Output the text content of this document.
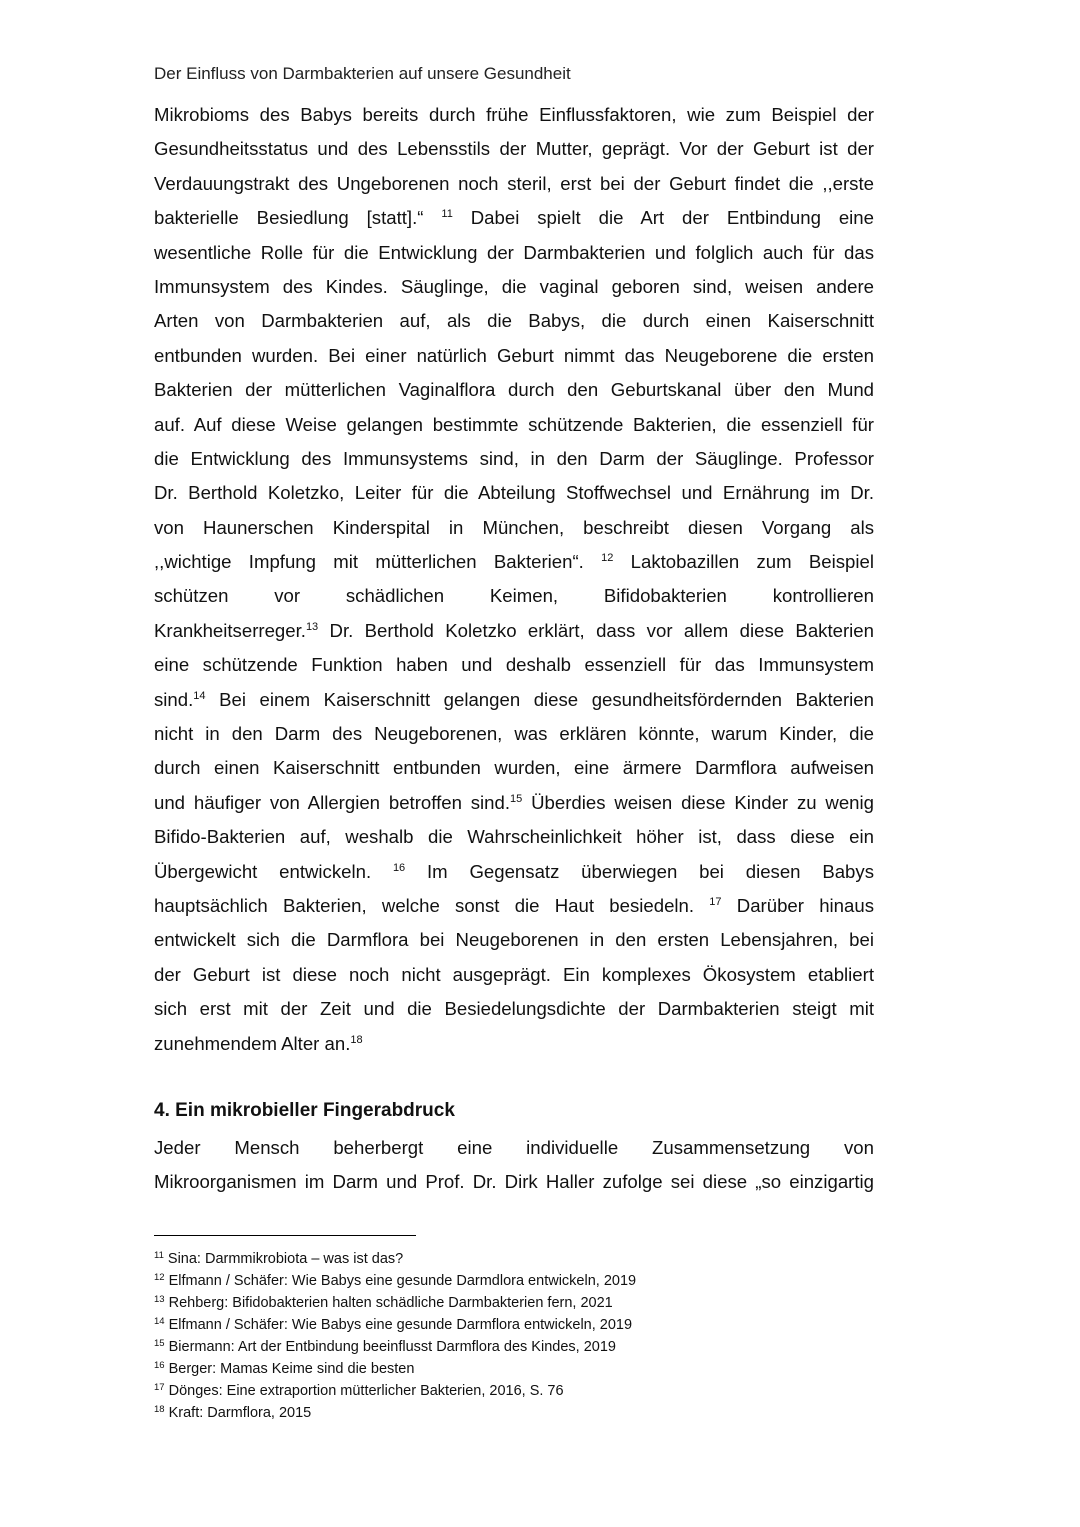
Der Einfluss von Darmbakterien auf unsere Gesundheit
Mikrobioms des Babys bereits durch frühe Einflussfaktoren, wie zum Beispiel der
Gesundheitsstatus und des Lebensstils der Mutter, geprägt. Vor der Geburt ist der
Verdauungstrakt des Ungeborenen noch steril, erst bei der Geburt findet die ,,erste
bakterielle Besiedlung [statt].“ $^{11}$ Dabei spielt die Art der Entbindung eine
wesentliche Rolle für die Entwicklung der Darmbakterien und folglich auch für das
Immunsystem des Kindes. Säuglinge, die vaginal geboren sind, weisen andere
Arten von Darmbakterien auf, als die Babys, die durch einen Kaiserschnitt
entbunden wurden. Bei einer natürlich Geburt nimmt das Neugeborene die ersten
Bakterien der mütterlichen Vaginalflora durch den Geburtskanal über den Mund
auf. Auf diese Weise gelangen bestimmte schützende Bakterien, die essenziell für
die Entwicklung des Immunsystems sind, in den Darm der Säuglinge. Professor
Dr. Berthold Koletzko, Leiter für die Abteilung Stoffwechsel und Ernährung im Dr.
von Haunerschen Kinderspital in München, beschreibt diesen Vorgang als
,,wichtige Impfung mit mütterlichen Bakterien“. $^{12}$ Laktobazillen zum Beispiel
schützen vor schädlichen Keimen, Bifidobakterien kontrollieren
Krankheitserreger.$^{13}$ Dr. Berthold Koletzko erklärt, dass vor allem diese Bakterien
eine schützende Funktion haben und deshalb essenziell für das Immunsystem
sind.$^{14}$ Bei einem Kaiserschnitt gelangen diese gesundheitsfördernden Bakterien
nicht in den Darm des Neugeborenen, was erklären könnte, warum Kinder, die
durch einen Kaiserschnitt entbunden wurden, eine ärmere Darmflora aufweisen
und häufiger von Allergien betroffen sind.$^{15}$ Überdies weisen diese Kinder zu wenig
Bifido-Bakterien auf, weshalb die Wahrscheinlichkeit höher ist, dass diese ein
Übergewicht entwickeln. $^{16}$ Im Gegensatz überwiegen bei diesen Babys
hauptsächlich Bakterien, welche sonst die Haut besiedeln. $^{17}$ Darüber hinaus
entwickelt sich die Darmflora bei Neugeborenen in den ersten Lebensjahren, bei
der Geburt ist diese noch nicht ausgeprägt. Ein komplexes Ökosystem etabliert
sich erst mit der Zeit und die Besiedelungsdichte der Darmbakterien steigt mit
zunehmendem Alter an.$^{18}$
4. Ein mikrobieller Fingerabdruck
Jeder Mensch beherbergt eine individuelle Zusammensetzung von
Mikroorganismen im Darm und Prof. Dr. Dirk Haller zufolge sei diese „so einzigartig
$^{11}$ Sina: Darmmikrobiota – was ist das?
$^{12}$ Elfmann / Schäfer: Wie Babys eine gesunde Darmdlora entwickeln, 2019
$^{13}$ Rehberg: Bifidobakterien halten schädliche Darmbakterien fern, 2021
$^{14}$ Elfmann / Schäfer: Wie Babys eine gesunde Darmflora entwickeln, 2019
$^{15}$ Biermann: Art der Entbindung beeinflusst Darmflora des Kindes, 2019
$^{16}$ Berger: Mamas Keime sind die besten
$^{17}$ Dönges: Eine extraportion mütterlicher Bakterien, 2016, S. 76
$^{18}$ Kraft: Darmflora, 2015
